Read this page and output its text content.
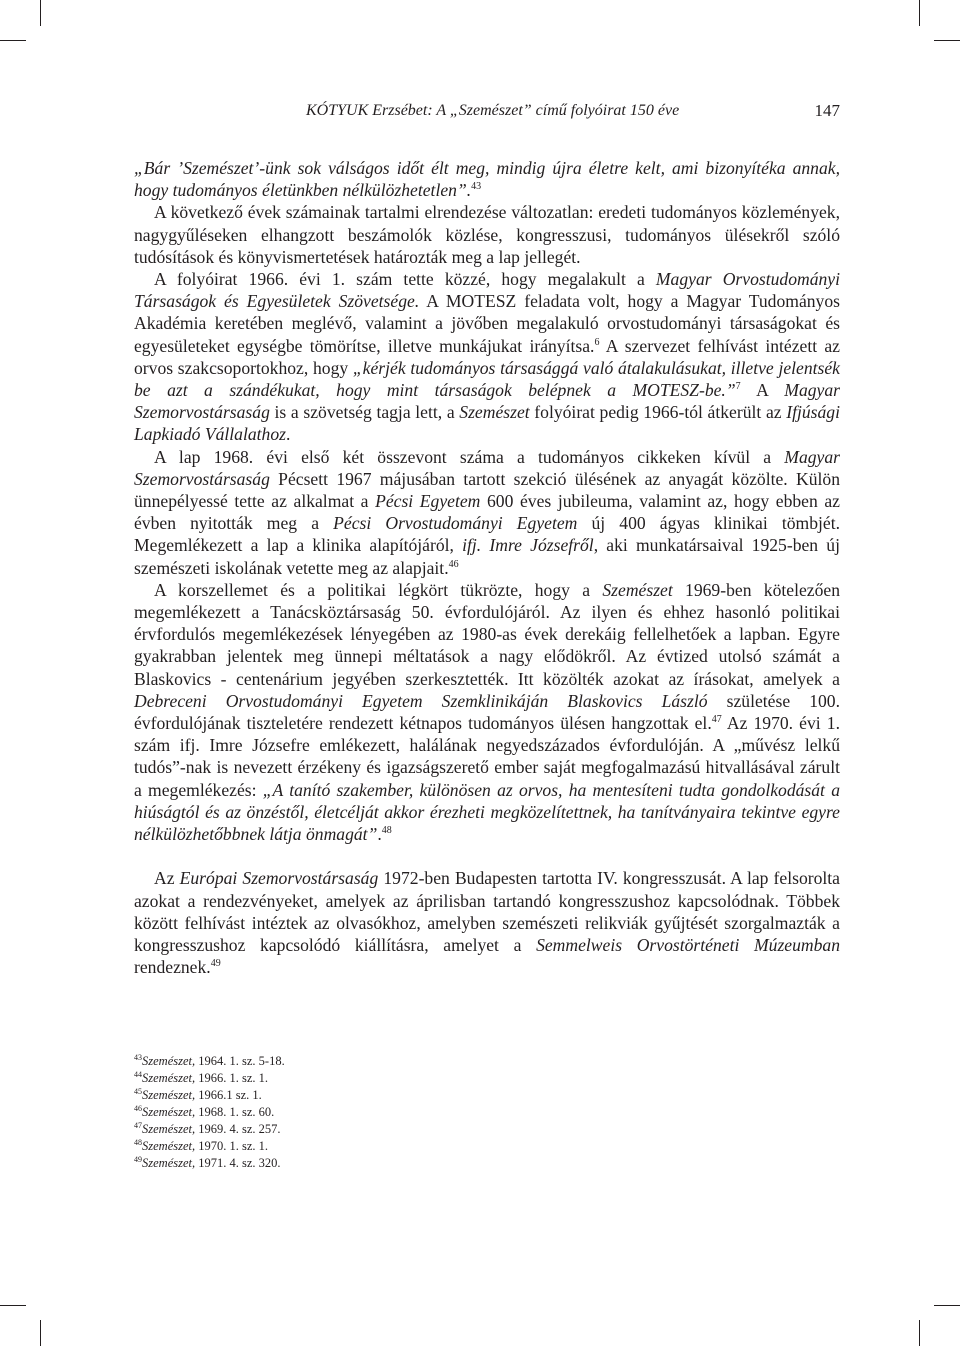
KÓTYUK Erzsébet: A „Szemészet” című folyóirat 150 éve	147

„Bár ’Szemészet’-ünk sok válságos időt élt meg, mindig újra életre kelt, ami bizonyítéka annak, hogy tudományos életünkben nélkülözhetetlen”.$^{43}$

A következő évek számainak tartalmi elrendezése változatlan: eredeti tudományos közlemények, nagygyűléseken elhangzott beszámolók közlése, kongresszusi, tudományos ülésekről szóló tudósítások és könyvismertetések határozták meg a lap jellegét.

A folyóirat 1966. évi 1. szám tette közzé, hogy megalakult a Magyar Orvostudományi Társaságok és Egyesületek Szövetsége. A MOTESZ feladata volt, hogy a Magyar Tudományos Akadémia keretében meglévő, valamint a jövőben megalakuló orvostudományi társaságokat és egyesületeket egységbe tömörítse, illetve munkájukat irányítsa.$^6$ A szervezet felhívást intézett az orvos szakcsoportokhoz, hogy „kérjék tudományos társasággá való átalakulásukat, illetve jelentsék be azt a szándékukat, hogy mint társaságok belépnek a MOTESZ-be.”$^7$ A Magyar Szemorvostársaság is a szövetség tagja lett, a Szemészet folyóirat pedig 1966-tól átkerült az Ifjúsági Lapkiadó Vállalathoz.

A lap 1968. évi első két összevont száma a tudományos cikkeken kívül a Magyar Szemorvostársaság Pécsett 1967 májusában tartott szekció ülésének az anyagát közölte. Külön ünnepélyessé tette az alkalmat a Pécsi Egyetem 600 éves jubileuma, valamint az, hogy ebben az évben nyitották meg a Pécsi Orvostudományi Egyetem új 400 ágyas klinikai tömbjét. Megemlékezett a lap a klinika alapítójáról, ifj. Imre Józsefről, aki munkatársaival 1925-ben új szemészeti iskolának vetette meg az alapjait.$^{46}$

A korszellemet és a politikai légkört tükrözte, hogy a Szemészet 1969-ben kötelezően megemlékezett a Tanácsköztársaság 50. évfordulójáról. Az ilyen és ehhez hasonló politikai érvfordulós megemlékezések lényegében az 1980-as évek derekáig fellelhetőek a lapban. Egyre gyakrabban jelentek meg ünnepi méltatások a nagy elődökről. Az évtized utolsó számát a Blaskovics - centenárium jegyében szerkesztették. Itt közölték azokat az írásokat, amelyek a Debreceni Orvostudományi Egyetem Szemklinikáján Blaskovics László születése 100. évfordulójának tiszteletére rendezett kétnapos tudományos ülésen hangzottak el.$^{47}$ Az 1970. évi 1. szám ifj. Imre Józsefre emlékezett, halálának negyedszázados évfordulóján. A „művész lelkű tudós”-nak is nevezett érzékeny és igazságszerető ember saját megfogalmazású hitvallásával zárult a megemlékezés: „A tanító szakember, különösen az orvos, ha mentesíteni tudta gondolkodását a hiúságtól és az önzéstől, életcélját akkor érezheti megközelítettnek, ha tanítványaira tekintve egyre nélkülözhetőbbnek látja önmagát”.$^{48}$

Az Európai Szemorvostársaság 1972-ben Budapesten tartotta IV. kongresszusát. A lap felsorolta azokat a rendezvényeket, amelyek az áprilisban tartandó kongresszushoz kapcsolódnak. Többek között felhívást intéztek az olvasókhoz, amelyben szemészeti relikviák gyűjtését szorgalmazták a kongresszushoz kapcsolódó kiállításra, amelyet a Semmelweis Orvostörténeti Múzeumban rendeznek.$^{49}$

$^{43}$Szemészet, 1964. 1. sz. 5-18.
$^{44}$Szemészet, 1966. 1. sz. 1.
$^{45}$Szemészet, 1966.1 sz. 1.
$^{46}$Szemészet, 1968. 1. sz. 60.
$^{47}$Szemészet, 1969. 4. sz. 257.
$^{48}$Szemészet, 1970. 1. sz. 1.
$^{49}$Szemészet, 1971. 4. sz. 320.
